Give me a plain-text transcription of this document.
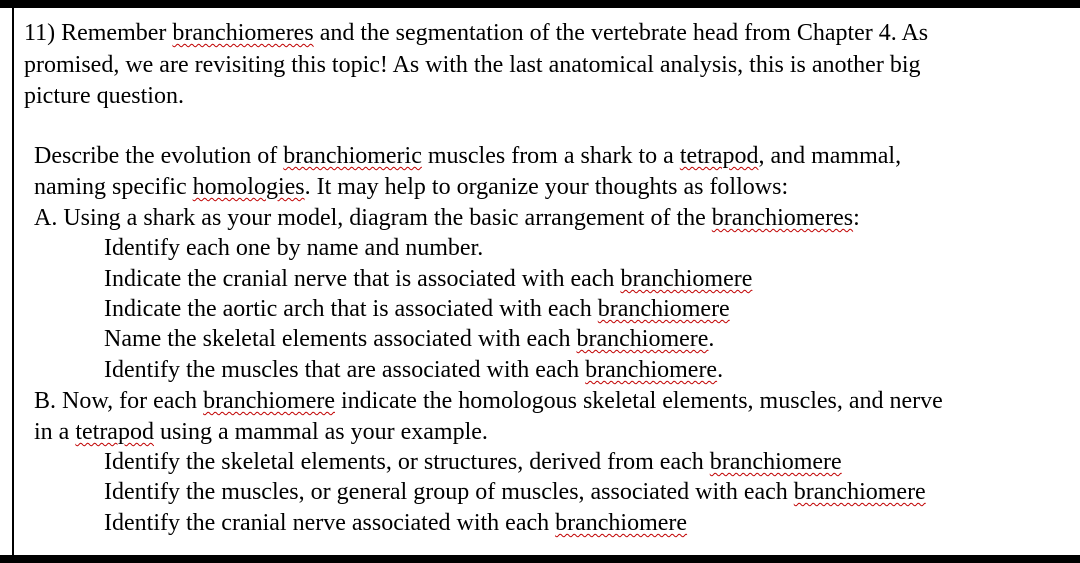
11) Remember branchiomeres and the segmentation of the vertebrate head from Chapter 4. As
promised, we are revisiting this topic! As with the last anatomical analysis, this is another big
picture question.
Describe the evolution of branchiomeric muscles from a shark to a tetrapod, and mammal,
naming specific homologies. It may help to organize your thoughts as follows:
A. Using a shark as your model, diagram the basic arrangement of the branchiomeres:
Identify each one by name and number.
Indicate the cranial nerve that is associated with each branchiomere
Indicate the aortic arch that is associated with each branchiomere
Name the skeletal elements associated with each branchiomere.
Identify the muscles that are associated with each branchiomere.
B. Now, for each branchiomere indicate the homologous skeletal elements, muscles, and nerve
in a tetrapod using a mammal as your example.
Identify the skeletal elements, or structures, derived from each branchiomere
Identify the muscles, or general group of muscles, associated with each branchiomere
Identify the cranial nerve associated with each branchiomere
